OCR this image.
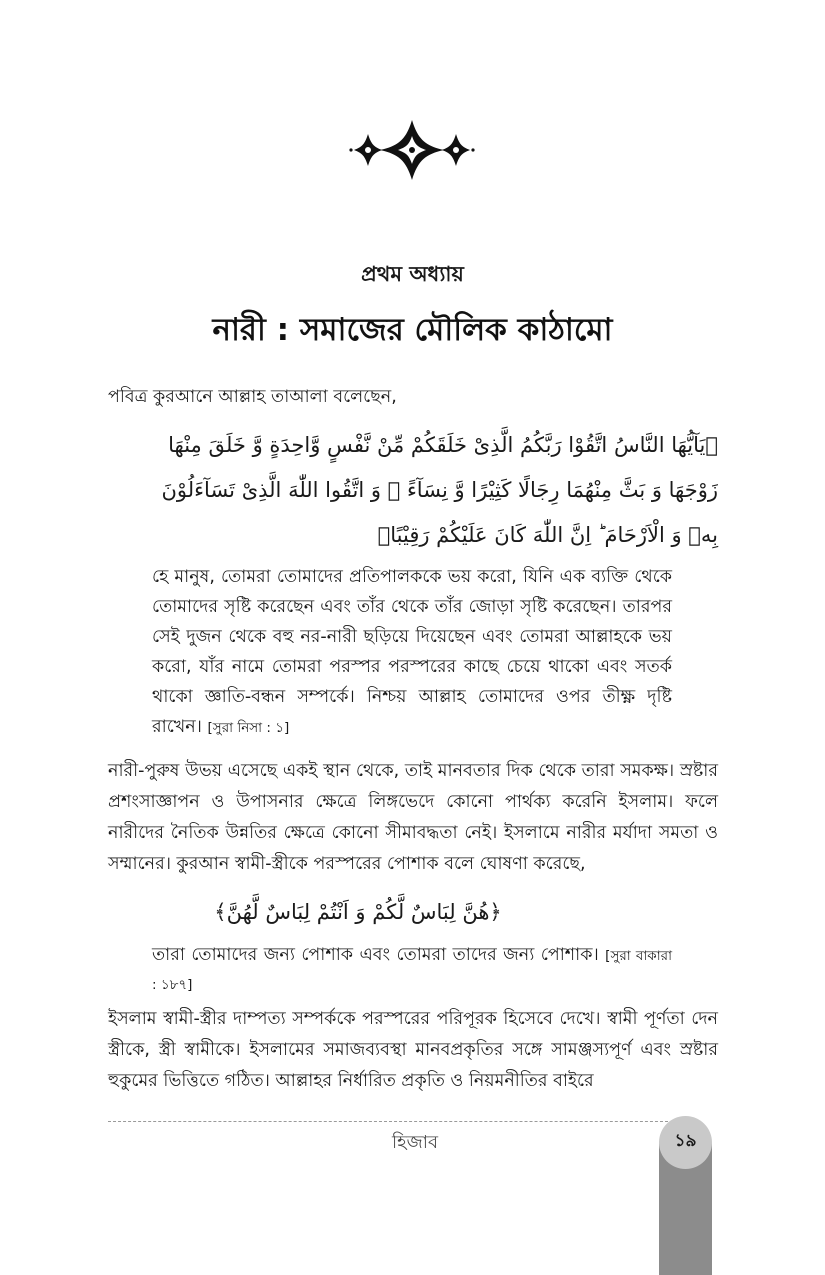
প্রথম অধ্যায়
নারী : সমাজের মৌলিক কাঠামো
পবিত্র কুরআনে আল্লাহ তাআলা বলেছেন,
﴿يَآيُّهَا النَّاسُ اتَّقُوْا رَبَّكُمُ الَّذِىْ خَلَقَكُمْ مِّنْ نَّفْسٍ وَّاحِدَةٍ وَّ خَلَقَ مِنْهَا زَوْجَهَا وَ بَثَّ مِنْهُمَا رِجَالًا كَثِيْرًا وَّ نِسَآءً ۚ وَ اتَّقُوا اللّٰهَ الَّذِىْ تَسَآءَلُوْنَ بِهٖ وَ الْاَرْحَامَ ؕ اِنَّ اللّٰهَ كَانَ عَلَيْكُمْ رَقِيْبًا﴾
হে মানুষ, তোমরা তোমাদের প্রতিপালককে ভয় করো, যিনি এক ব্যক্তি থেকে তোমাদের সৃষ্টি করেছেন এবং তাঁর থেকে তাঁর জোড়া সৃষ্টি করেছেন। তারপর সেই দুজন থেকে বহু নর-নারী ছড়িয়ে দিয়েছেন এবং তোমরা আল্লাহকে ভয় করো, যাঁর নামে তোমরা পরস্পর পরস্পরের কাছে চেয়ে থাকো এবং সতর্ক থাকো জ্ঞাতি-বন্ধন সম্পর্কে। নিশ্চয় আল্লাহ তোমাদের ওপর তীক্ষ্ণ দৃষ্টি রাখেন। [সুরা নিসা : ১]
নারী-পুরুষ উভয় এসেছে একই স্থান থেকে, তাই মানবতার দিক থেকে তারা সমকক্ষ। স্রষ্টার প্রশংসাজ্ঞাপন ও উপাসনার ক্ষেত্রে লিঙ্গভেদে কোনো পার্থক্য করেনি ইসলাম। ফলে নারীদের নৈতিক উন্নতির ক্ষেত্রে কোনো সীমাবদ্ধতা নেই। ইসলামে নারীর মর্যাদা সমতা ও সম্মানের। কুরআন স্বামী-স্ত্রীকে পরস্পরের পোশাক বলে ঘোষণা করেছে,
﴿هُنَّ لِبَاسٌ لَّكُمْ وَ اَنْتُمْ لِبَاسٌ لَّهُنَّ﴾
তারা তোমাদের জন্য পোশাক এবং তোমরা তাদের জন্য পোশাক। [সুরা বাকারা : ১৮৭]
ইসলাম স্বামী-স্ত্রীর দাম্পত্য সম্পর্ককে পরস্পরের পরিপূরক হিসেবে দেখে। স্বামী পূর্ণতা দেন স্ত্রীকে, স্ত্রী স্বামীকে। ইসলামের সমাজব্যবস্থা মানবপ্রকৃতির সঙ্গে সামঞ্জস্যপূর্ণ এবং স্রষ্টার হুকুমের ভিত্তিতে গঠিত। আল্লাহর নির্ধারিত প্রকৃতি ও নিয়মনীতির বাইরে
হিজাব	১৯
